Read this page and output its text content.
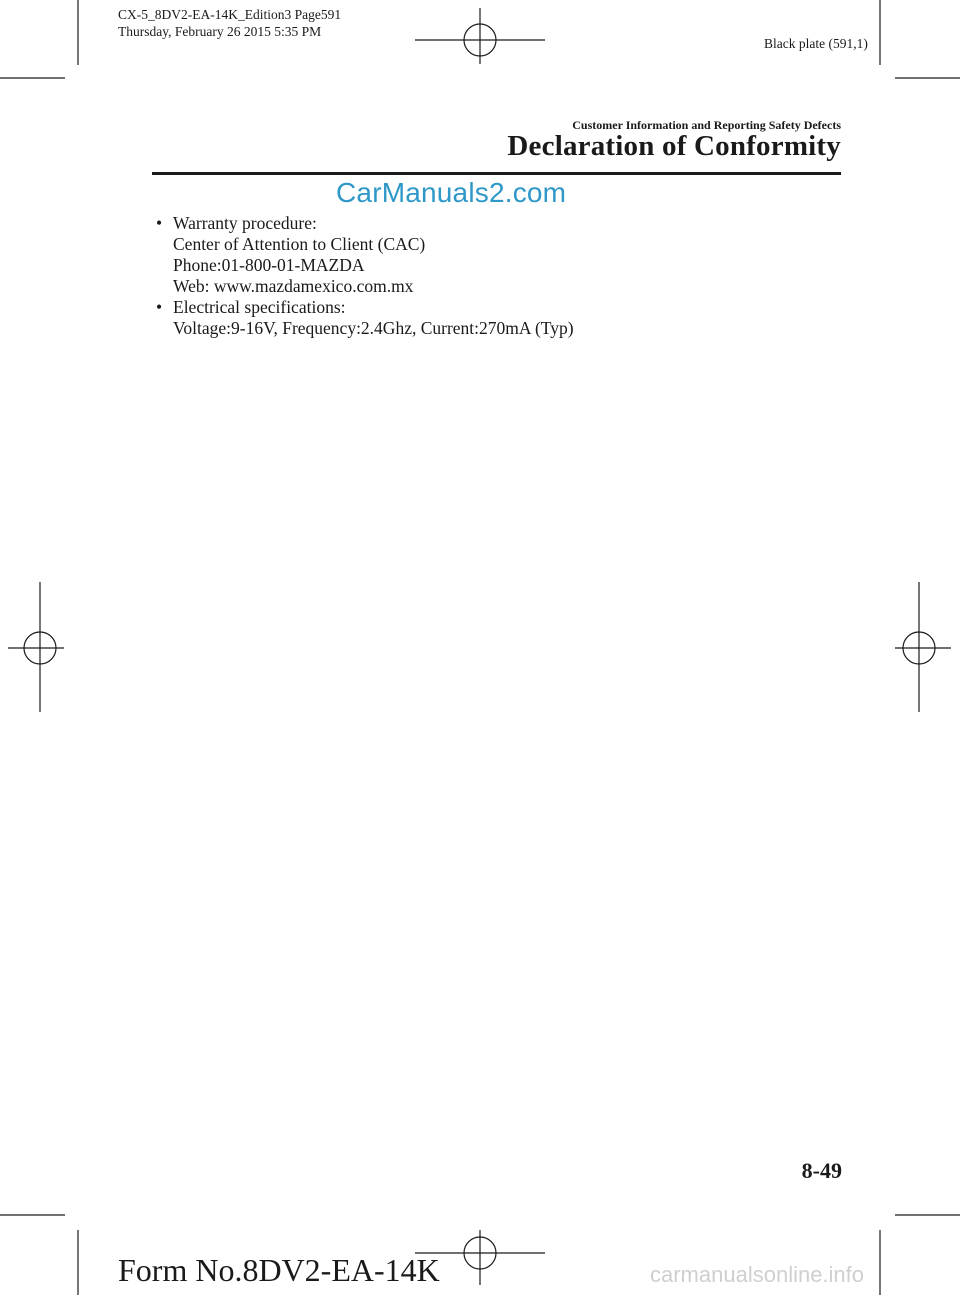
CX-5_8DV2-EA-14K_Edition3 Page591
Thursday, February 26 2015 5:35 PM
Black plate (591,1)
Customer Information and Reporting Safety Defects
Declaration of Conformity
CarManuals2.com
• Warranty procedure:
Center of Attention to Client (CAC)
Phone:01-800-01-MAZDA
Web: www.mazdamexico.com.mx
• Electrical specifications:
Voltage:9-16V, Frequency:2.4Ghz, Current:270mA (Typ)
8-49
Form No.8DV2-EA-14K	carmanualsonline.info
